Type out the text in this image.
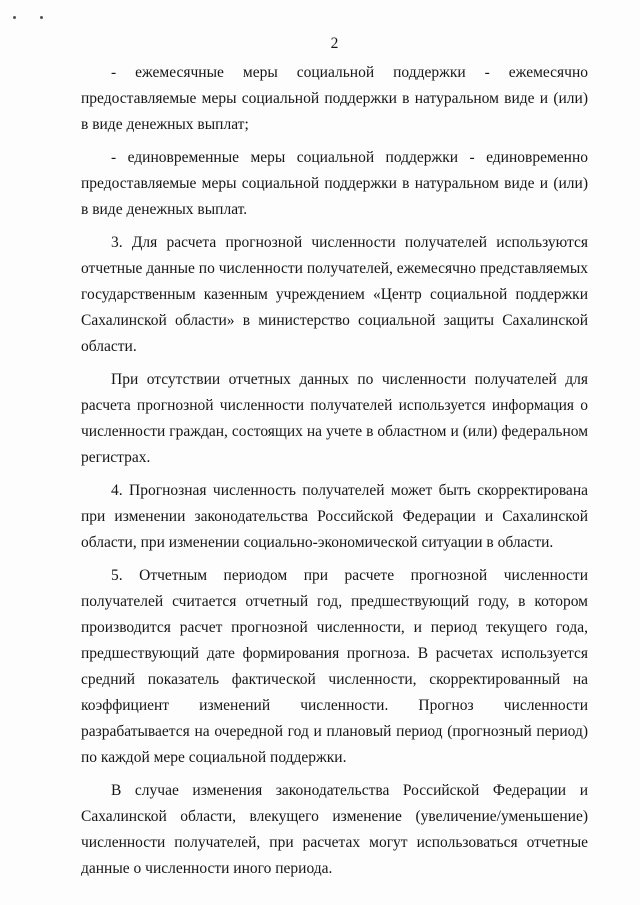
2

- ежемесячные меры социальной поддержки - ежемесячно предоставляемые меры социальной поддержки в натуральном виде и (или) в виде денежных выплат;

- единовременные меры социальной поддержки - единовременно предоставляемые меры социальной поддержки в натуральном виде и (или) в виде денежных выплат.

3. Для расчета прогнозной численности получателей используются отчетные данные по численности получателей, ежемесячно представляемых государственным казенным учреждением «Центр социальной поддержки Сахалинской области» в министерство социальной защиты Сахалинской области.

При отсутствии отчетных данных по численности получателей для расчета прогнозной численности получателей используется информация о численности граждан, состоящих на учете в областном и (или) федеральном регистрах.

4. Прогнозная численность получателей может быть скорректирована при изменении законодательства Российской Федерации и Сахалинской области, при изменении социально-экономической ситуации в области.

5. Отчетным периодом при расчете прогнозной численности получателей считается отчетный год, предшествующий году, в котором производится расчет прогнозной численности, и период текущего года, предшествующий дате формирования прогноза. В расчетах используется средний показатель фактической численности, скорректированный на коэффициент изменений численности. Прогноз численности разрабатывается на очередной год и плановый период (прогнозный период) по каждой мере социальной поддержки.

В случае изменения законодательства Российской Федерации и Сахалинской области, влекущего изменение (увеличение/уменьшение) численности получателей, при расчетах могут использоваться отчетные данные о численности иного периода.
